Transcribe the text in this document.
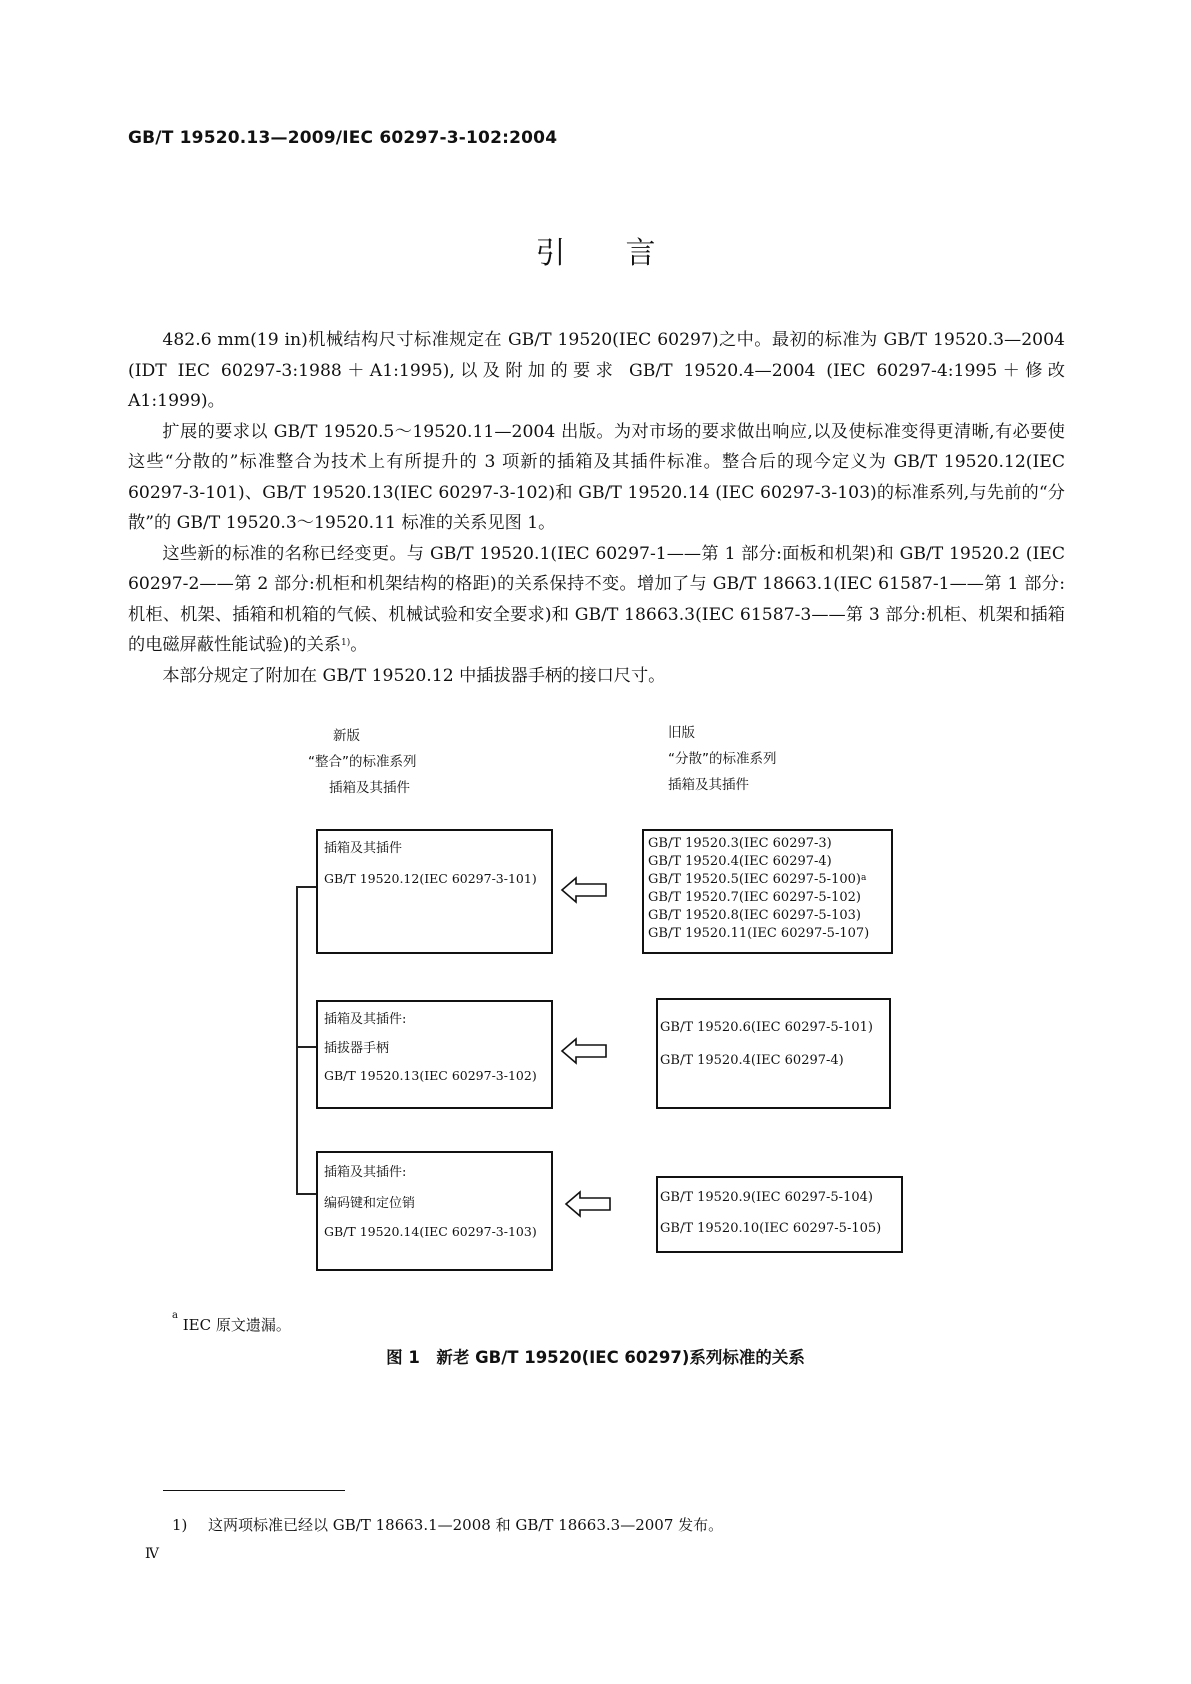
GB/T 19520.13—2009/IEC 60297-3-102:2004
引言

482.6 mm(19 in)机械结构尺寸标准规定在 GB/T 19520(IEC 60297)之中。最初的标准为 GB/T 19520.3—2004 (IDT IEC 60297-3:1988＋A1:1995),以及附加的要求 GB/T 19520.4—2004 (IEC 60297-4:1995＋修改 A1:1999)。

扩展的要求以 GB/T 19520.5～19520.11—2004 出版。为对市场的要求做出响应,以及使标准变得更清晰,有必要使这些“分散的”标准整合为技术上有所提升的 3 项新的插箱及其插件标准。整合后的现今定义为 GB/T 19520.12(IEC 60297-3-101)、GB/T 19520.13(IEC 60297-3-102)和 GB/T 19520.14 (IEC 60297-3-103)的标准系列,与先前的“分散”的 GB/T 19520.3～19520.11 标准的关系见图 1。

这些新的标准的名称已经变更。与 GB/T 19520.1(IEC 60297-1——第 1 部分:面板和机架)和 GB/T 19520.2 (IEC 60297-2——第 2 部分:机柜和机架结构的格距)的关系保持不变。增加了与 GB/T 18663.1(IEC 61587-1——第 1 部分:机柜、机架、插箱和机箱的气候、机械试验和安全要求)和 GB/T 18663.3(IEC 61587-3——第 3 部分:机柜、机架和插箱的电磁屏蔽性能试验)的关系$^{1)}$。

本部分规定了附加在 GB/T 19520.12 中插拔器手柄的接口尺寸。

新版
“整合”的标准系列
插箱及其插件
旧版
“分散”的标准系列
插箱及其插件
插箱及其插件
GB/T 19520.12(IEC 60297-3-101)
插箱及其插件:
插拔器手柄
GB/T 19520.13(IEC 60297-3-102)
插箱及其插件:
编码键和定位销
GB/T 19520.14(IEC 60297-3-103)
GB/T 19520.3(IEC 60297-3)
GB/T 19520.4(IEC 60297-4)
GB/T 19520.5(IEC 60297-5-100)$^a$
GB/T 19520.7(IEC 60297-5-102)
GB/T 19520.8(IEC 60297-5-103)
GB/T 19520.11(IEC 60297-5-107)
GB/T 19520.6(IEC 60297-5-101)
GB/T 19520.4(IEC 60297-4)
GB/T 19520.9(IEC 60297-5-104)
GB/T 19520.10(IEC 60297-5-105)
$^a$ IEC 原文遗漏。
图 1　新老 GB/T 19520(IEC 60297)系列标准的关系
1) 这两项标准已经以 GB/T 18663.1—2008 和 GB/T 18663.3—2007 发布。
Ⅳ
